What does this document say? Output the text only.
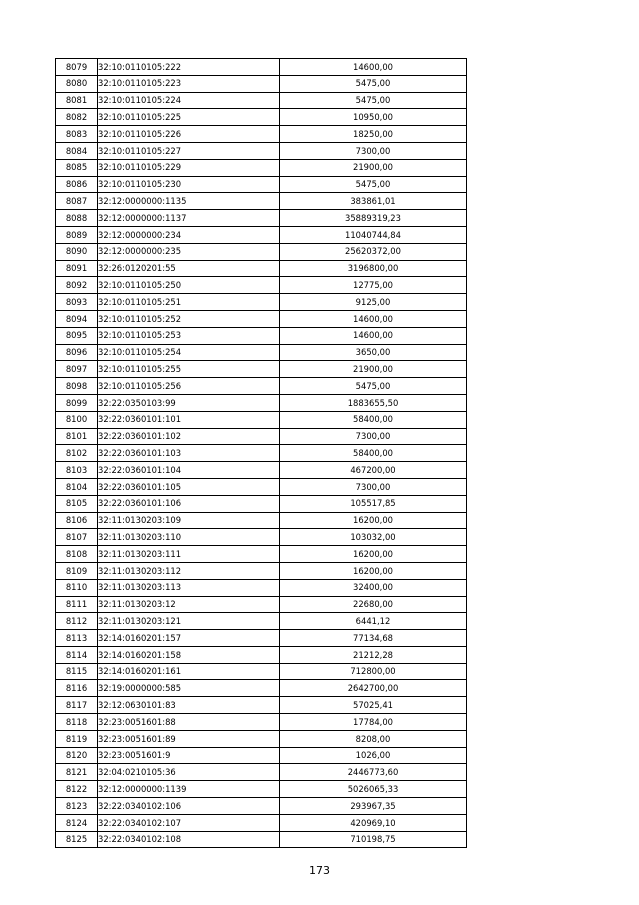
8079	32:10:0110105:222	14600,00
8080	32:10:0110105:223	5475,00
8081	32:10:0110105:224	5475,00
8082	32:10:0110105:225	10950,00
8083	32:10:0110105:226	18250,00
8084	32:10:0110105:227	7300,00
8085	32:10:0110105:229	21900,00
8086	32:10:0110105:230	5475,00
8087	32:12:0000000:1135	383861,01
8088	32:12:0000000:1137	35889319,23
8089	32:12:0000000:234	11040744,84
8090	32:12:0000000:235	25620372,00
8091	32:26:0120201:55	3196800,00
8092	32:10:0110105:250	12775,00
8093	32:10:0110105:251	9125,00
8094	32:10:0110105:252	14600,00
8095	32:10:0110105:253	14600,00
8096	32:10:0110105:254	3650,00
8097	32:10:0110105:255	21900,00
8098	32:10:0110105:256	5475,00
8099	32:22:0350103:99	1883655,50
8100	32:22:0360101:101	58400,00
8101	32:22:0360101:102	7300,00
8102	32:22:0360101:103	58400,00
8103	32:22:0360101:104	467200,00
8104	32:22:0360101:105	7300,00
8105	32:22:0360101:106	105517,85
8106	32:11:0130203:109	16200,00
8107	32:11:0130203:110	103032,00
8108	32:11:0130203:111	16200,00
8109	32:11:0130203:112	16200,00
8110	32:11:0130203:113	32400,00
8111	32:11:0130203:12	22680,00
8112	32:11:0130203:121	6441,12
8113	32:14:0160201:157	77134,68
8114	32:14:0160201:158	21212,28
8115	32:14:0160201:161	712800,00
8116	32:19:0000000:585	2642700,00
8117	32:12:0630101:83	57025,41
8118	32:23:0051601:88	17784,00
8119	32:23:0051601:89	8208,00
8120	32:23:0051601:9	1026,00
8121	32:04:0210105:36	2446773,60
8122	32:12:0000000:1139	5026065,33
8123	32:22:0340102:106	293967,35
8124	32:22:0340102:107	420969,10
8125	32:22:0340102:108	710198,75
173
